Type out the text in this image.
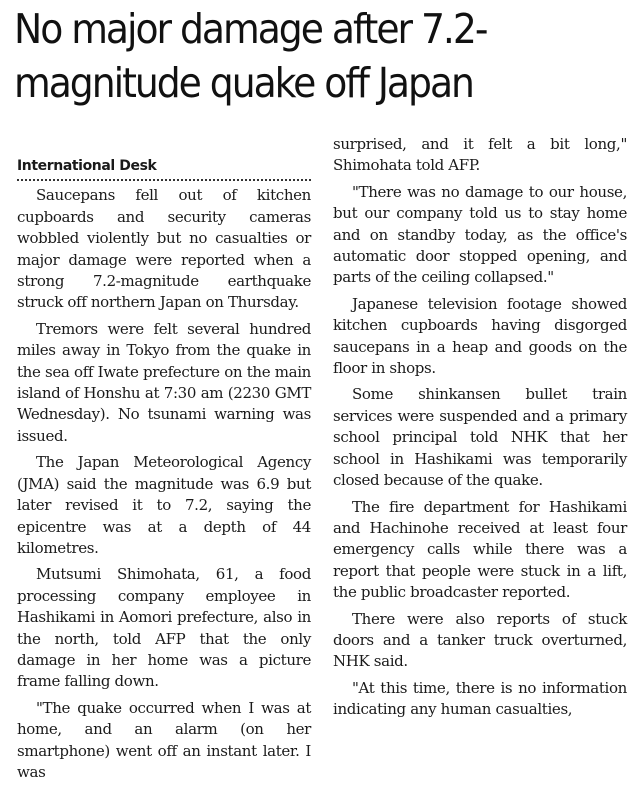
No major damage after 7.2-magnitude quake off Japan
International Desk

Saucepans fell out of kitchen cupboards and security cameras wobbled violently but no casualties or major damage were reported when a strong 7.2-magnitude earthquake struck off northern Japan on Thursday.

Tremors were felt several hundred miles away in Tokyo from the quake in the sea off Iwate prefecture on the main island of Honshu at 7:30 am (2230 GMT Wednesday). No tsunami warning was issued.

The Japan Meteorological Agency (JMA) said the magnitude was 6.9 but later revised it to 7.2, saying the epicentre was at a depth of 44 kilometres.

Mutsumi Shimohata, 61, a food processing company employee in Hashikami in Aomori prefecture, also in the north, told AFP that the only damage in her home was a picture frame falling down.

"The quake occurred when I was at home, and an alarm (on her smartphone) went off an instant later. I was

surprised, and it felt a bit long," Shimohata told AFP.

"There was no damage to our house, but our company told us to stay home and on standby today, as the office's automatic door stopped opening, and parts of the ceiling collapsed."

Japanese television footage showed kitchen cupboards having disgorged saucepans in a heap and goods on the floor in shops.

Some shinkansen bullet train services were suspended and a primary school principal told NHK that her school in Hashikami was temporarily closed because of the quake.

The fire department for Hashikami and Hachinohe received at least four emergency calls while there was a report that people were stuck in a lift, the public broadcaster reported.

There were also reports of stuck doors and a tanker truck overturned, NHK said.

"At this time, there is no information indicating any human casualties,
